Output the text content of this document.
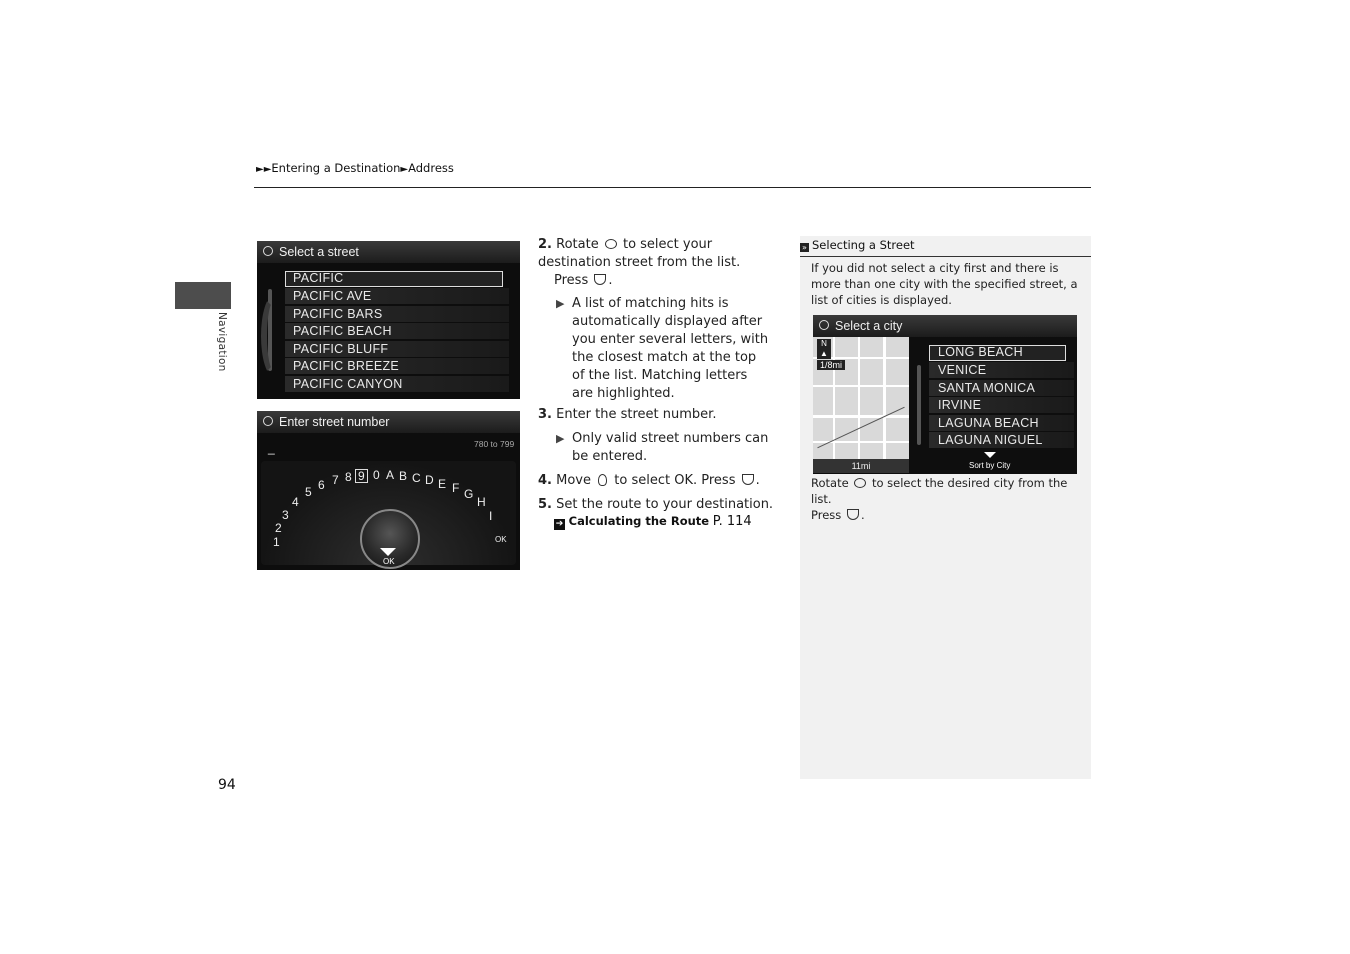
►►Entering a Destination►Address
Navigation
Select a street
PACIFIC
PACIFIC AVE
PACIFIC BARS
PACIFIC BEACH
PACIFIC BLUFF
PACIFIC BREEZE
PACIFIC CANYON
Enter street number
780 to 799
_
1
2
3
4
5 6 7 8 9 0 A B C D E F G
H
I
OK
OK
2. Rotate to select your destination street from the list.
Press .
▶ A list of matching hits is automatically displayed after you enter several letters, with the closest match at the top of the list. Matching letters are highlighted.
3. Enter the street number.
▶ Only valid street numbers can be entered.
4. Move to select OK. Press .
5. Set the route to your destination.
➔ Calculating the Route P. 114
» Selecting a Street
If you did not select a city first and there is more than one city with the specified street, a list of cities is displayed.
Select a city
N
▲
1/8mi
11mi
LONG BEACH
VENICE
SANTA MONICA
IRVINE
LAGUNA BEACH
LAGUNA NIGUEL
Sort by City
Rotate to select the desired city from the list.
Press .
94
